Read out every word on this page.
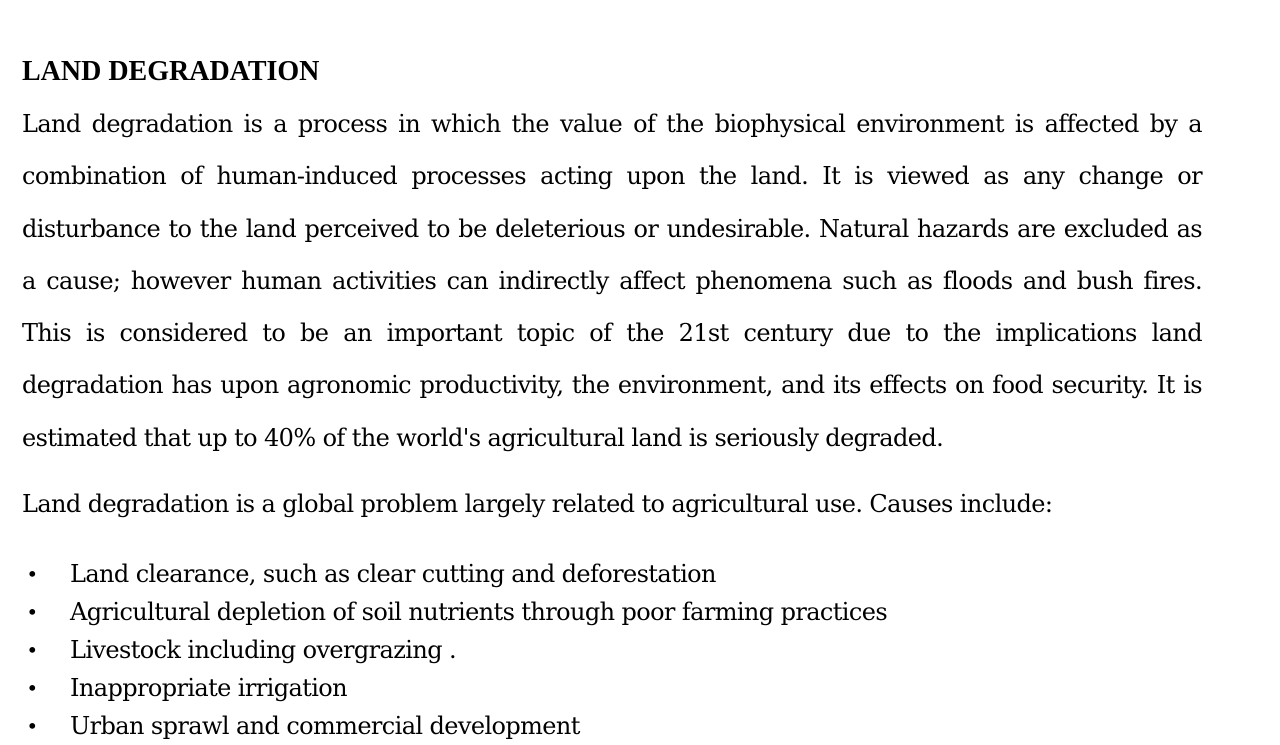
LAND DEGRADATION

Land degradation is a process in which the value of the biophysical environment is affected by a combination of human-induced processes acting upon the land. It is viewed as any change or disturbance to the land perceived to be deleterious or undesirable. Natural hazards are excluded as a cause; however human activities can indirectly affect phenomena such as floods and bush fires. This is considered to be an important topic of the 21st century due to the implications land degradation has upon agronomic productivity, the environment, and its effects on food security. It is estimated that up to 40% of the world's agricultural land is seriously degraded.

Land degradation is a global problem largely related to agricultural use. Causes include:

• Land clearance, such as clear cutting and deforestation
• Agricultural depletion of soil nutrients through poor farming practices
• Livestock including overgrazing .
• Inappropriate irrigation
• Urban sprawl and commercial development
